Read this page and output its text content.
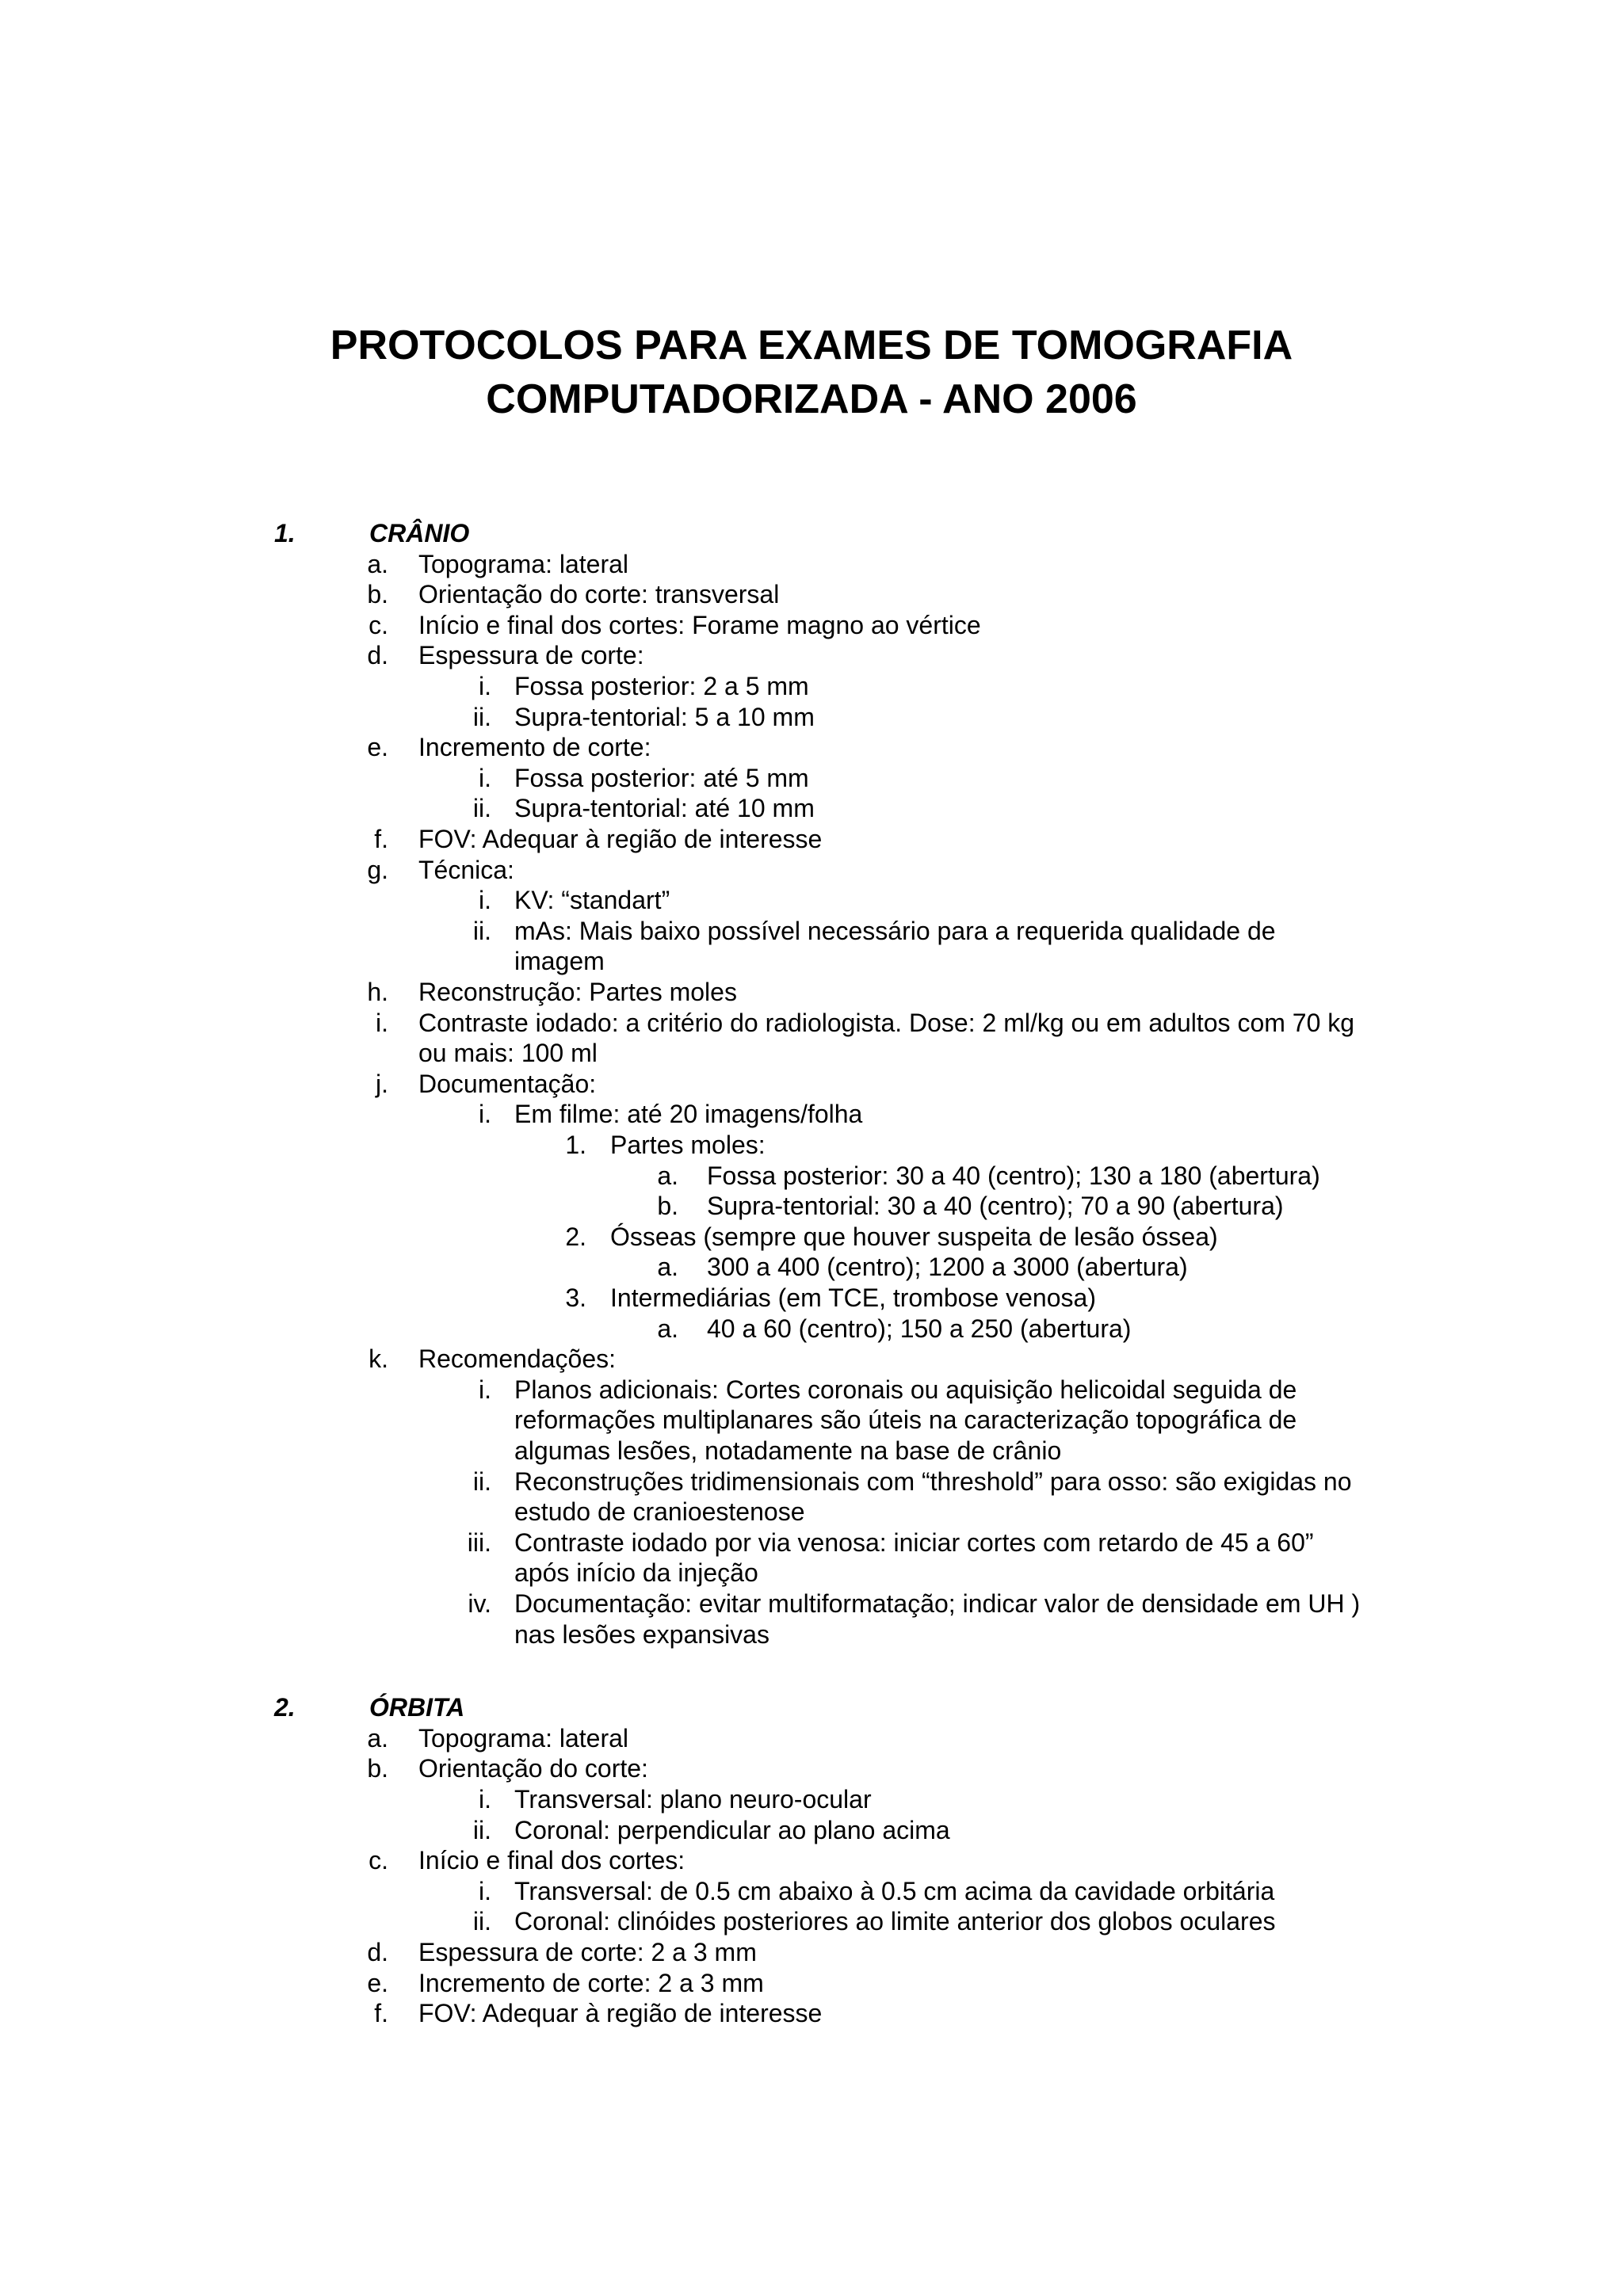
PROTOCOLOS PARA EXAMES DE TOMOGRAFIA
COMPUTADORIZADA - ANO 2006
1.	CRÂNIO
a. Topograma: lateral
b. Orientação do corte: transversal
c. Início e final dos cortes: Forame magno ao vértice
d. Espessura de corte:
i. Fossa posterior: 2 a 5 mm
ii. Supra-tentorial: 5 a 10 mm
e. Incremento de corte:
i. Fossa posterior: até 5 mm
ii. Supra-tentorial: até 10 mm
f. FOV: Adequar à região de interesse
g. Técnica:
i. KV: “standart”
ii. mAs: Mais baixo possível necessário para a requerida qualidade de
imagem
h. Reconstrução: Partes moles
i. Contraste iodado: a critério do radiologista. Dose: 2 ml/kg ou em adultos com 70 kg
ou mais: 100 ml
j. Documentação:
i. Em filme: até 20 imagens/folha
1. Partes moles:
a. Fossa posterior: 30 a 40 (centro); 130 a 180 (abertura)
b. Supra-tentorial: 30 a 40 (centro); 70 a 90 (abertura)
2. Ósseas (sempre que houver suspeita de lesão óssea)
a. 300 a 400 (centro); 1200 a 3000 (abertura)
3. Intermediárias (em TCE, trombose venosa)
a. 40 a 60 (centro); 150 a 250 (abertura)
k. Recomendações:
i. Planos adicionais: Cortes coronais ou aquisição helicoidal seguida de
reformações multiplanares são úteis na caracterização topográfica de
algumas lesões, notadamente na base de crânio
ii. Reconstruções tridimensionais com “threshold” para osso: são exigidas no
estudo de cranioestenose
iii. Contraste iodado por via venosa: iniciar cortes com retardo de 45 a 60”
após início da injeção
iv. Documentação: evitar multiformatação; indicar valor de densidade em UH )
nas lesões expansivas
2.	ÓRBITA
a. Topograma: lateral
b. Orientação do corte:
i. Transversal: plano neuro-ocular
ii. Coronal: perpendicular ao plano acima
c. Início e final dos cortes:
i. Transversal: de 0.5 cm abaixo à 0.5 cm acima da cavidade orbitária
ii. Coronal: clinóides posteriores ao limite anterior dos globos oculares
d. Espessura de corte: 2 a 3 mm
e. Incremento de corte: 2 a 3 mm
f. FOV: Adequar à região de interesse
